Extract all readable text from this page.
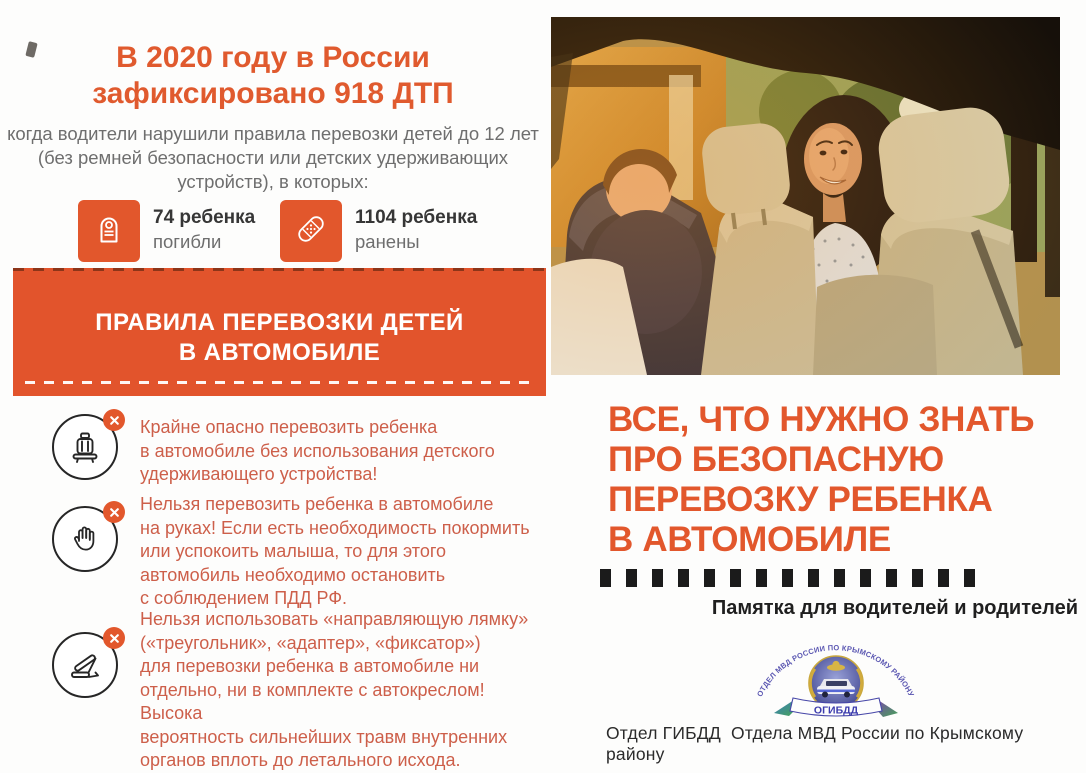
В 2020 году в России
зафиксировано 918 ДТП
когда водители нарушили правила перевозки детей до 12 лет
(без ремней безопасности или детских удерживающих
устройств), в которых:
74 ребенка
погибли
1104 ребенка
ранены
ПРАВИЛА ПЕРЕВОЗКИ ДЕТЕЙ
В АВТОМОБИЛЕ
Крайне опасно перевозить ребенка
в автомобиле без использования детского
удерживающего устройства!
Нельзя перевозить ребенка в автомобиле
на руках! Если есть необходимость покормить
или успокоить малыша, то для этого
автомобиль необходимо остановить
с соблюдением ПДД РФ.
Нельзя использовать «направляющую лямку»
(«треугольник», «адаптер», «фиксатор»)
для перевозки ребенка в автомобиле ни
отдельно, ни в комплекте с автокреслом! Высока
вероятность сильнейших травм внутренних
органов вплоть до летального исхода.
ВСЕ, ЧТО НУЖНО ЗНАТЬ
ПРО БЕЗОПАСНУЮ
ПЕРЕВОЗКУ РЕБЕНКА
В АВТОМОБИЛЕ
Памятка для водителей и родителей
ОТДЕЛ МВД РОССИИ ПО КРЫМСКОМУ РАЙОНУ
ОГИБДД
Отдел ГИБДД  Отдела МВД России по Крымскому  району
